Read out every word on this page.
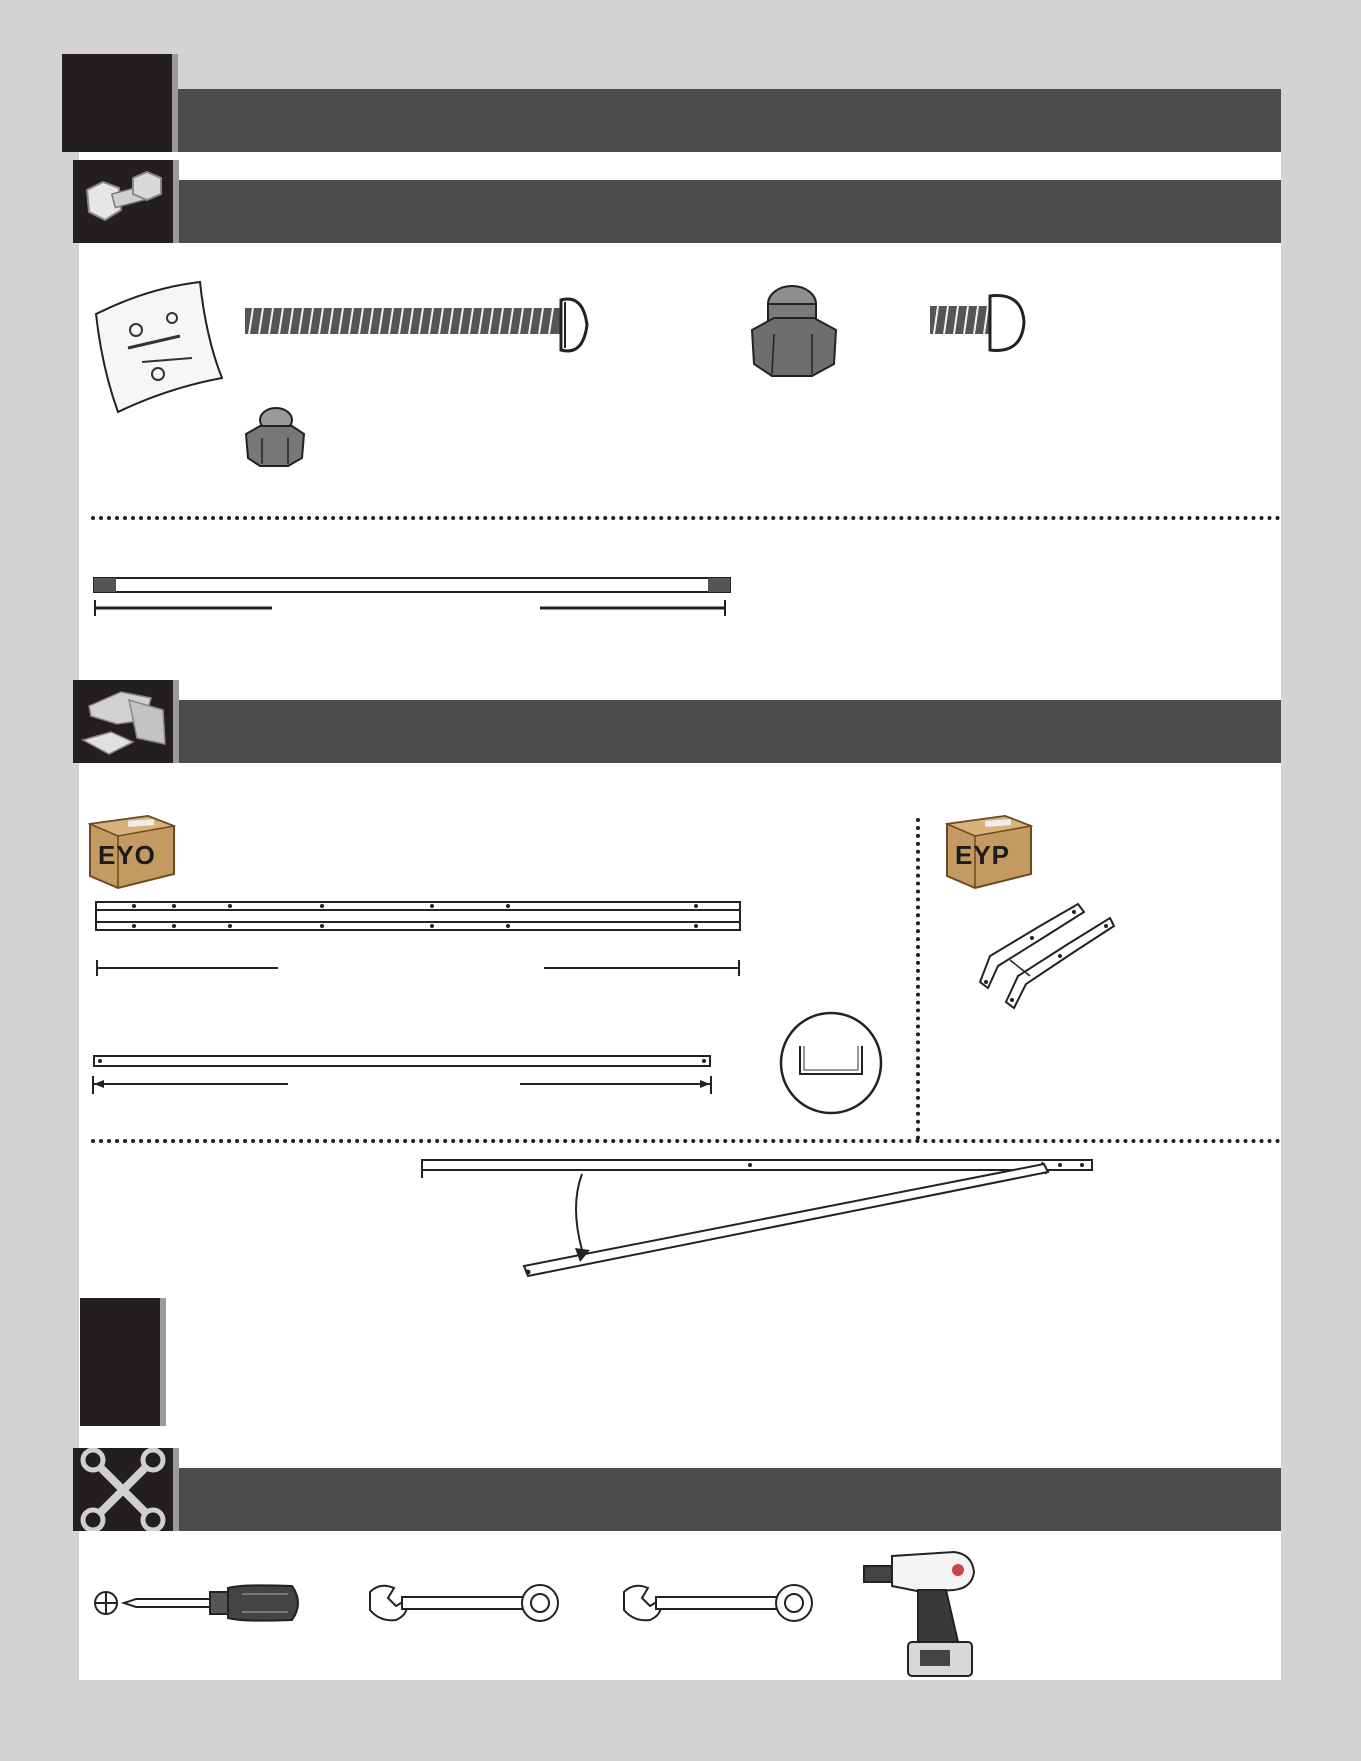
EYO	EYP
